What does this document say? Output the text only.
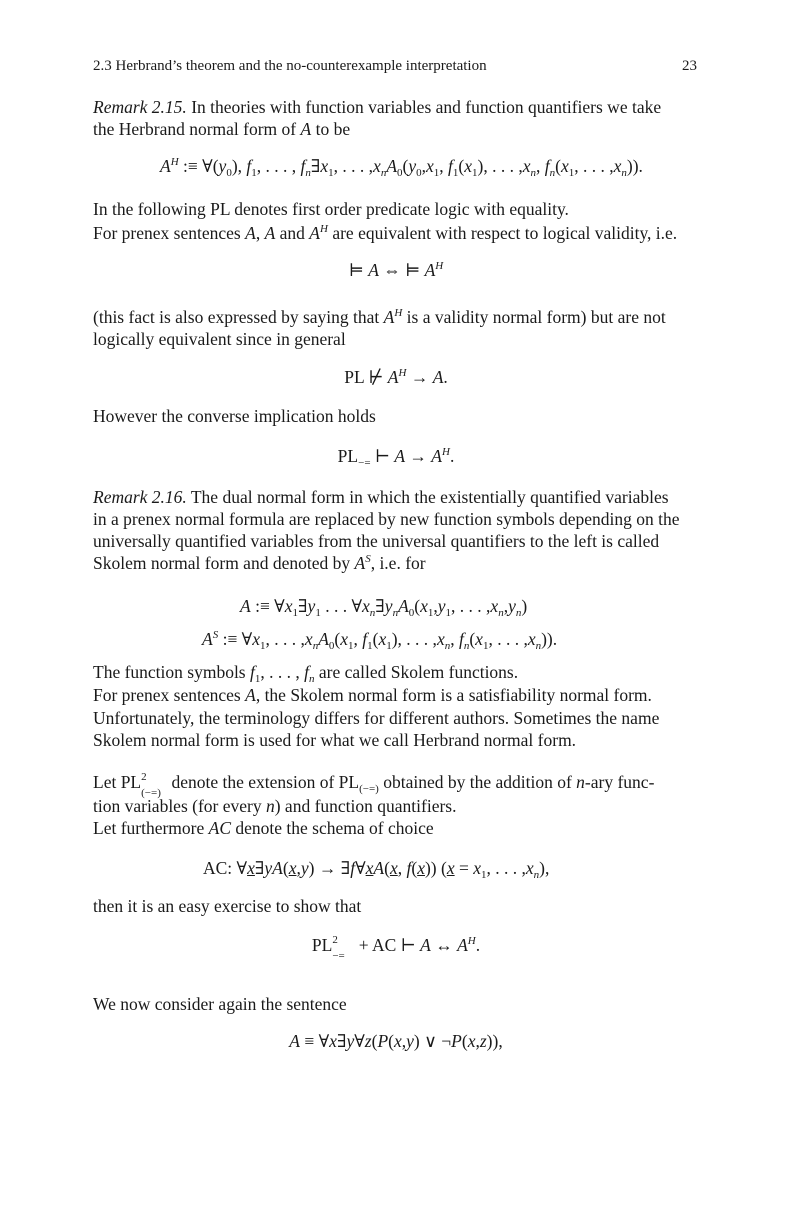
2.3 Herbrand’s theorem and the no-counterexample interpretation	23
Remark 2.15. In theories with function variables and function quantifiers we take
the Herbrand normal form of A to be
$A^H$ :≡ $\forall(y_0)$, $f_1$, . . . , $f_n\exists x_1$, . . . $,x_nA_0(y_0,x_1$, $f_1(x_1)$, . . . $,x_n$, $f_n(x_1$, . . . $,x_n$)).
In the following PL denotes first order predicate logic with equality.
For prenex sentences A, A and $A^H$ are equivalent with respect to logical validity, i.e.
⊨ A ⇔ ⊨ $A^H$
(this fact is also expressed by saying that $A^H$ is a validity normal form) but are not
logically equivalent since in general
PL ⊬ $A^H \to A$.
However the converse implication holds
$PL_{-=}$ ⊢ $A \to A^H$.
Remark 2.16. The dual normal form in which the existentially quantified variables
in a prenex normal formula are replaced by new function symbols depending on the
universally quantified variables from the universal quantifiers to the left is called
Skolem normal form and denoted by $A^S$, i.e. for
A :≡ $\forall x_1\exists y_1$ . . . $\forall x_n\exists y_nA_0(x_1,y_1$, . . . $,x_n,y_n$)
$A^S$ :≡ $\forall x_1$, . . . $,x_nA_0(x_1$, $f_1(x_1)$, . . . $,x_n$, $f_n(x_1$, . . . $,x_n$)).
The function symbols $f_1$, . . . , $f_n$ are called Skolem functions.
For prenex sentences A, the Skolem normal form is a satisfiability normal form.
Unfortunately, the terminology differs for different authors. Sometimes the name
Skolem normal form is used for what we call Herbrand normal form.
Let PL 2
(−=)
denote the extension of $PL_{(-=)}$ obtained by the addition of n-ary func-
tion variables (for every n) and function quantifiers.
Let furthermore AC denote the schema of choice
AC: ∀x∃yA(x,y) → ∃f∀xA(x, f(x)) ($x = x_1$, . . . $,x_n$),
then it is an easy exercise to show that
PL 2
−=
+ AC ⊢ A ↔ $A^H$.
We now consider again the sentence
A ≡ ∀x∃y∀z(P(x,y) ∨ ¬P(x,z)),
